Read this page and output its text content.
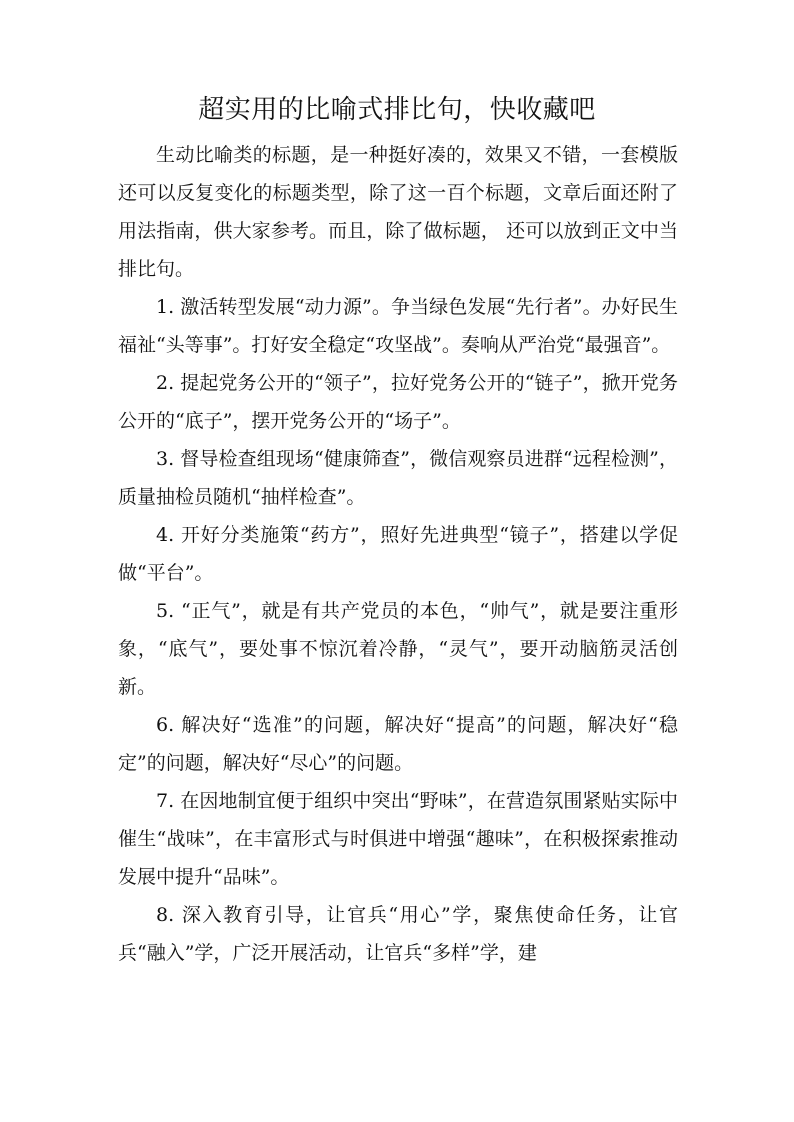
超实用的比喻式排比句，快收藏吧

生动比喻类的标题，是一种挺好凑的，效果又不错，一套模版还可以反复变化的标题类型，除了这一百个标题，文章后面还附了用法指南，供大家参考。而且，除了做标题， 还可以放到正文中当排比句。

1. 激活转型发展“动力源”。争当绿色发展“先行者”。办好民生福祉“头等事”。打好安全稳定“攻坚战”。奏响从严治党“最强音”。

2. 提起党务公开的“领子”，拉好党务公开的“链子”，掀开党务公开的“底子”，摆开党务公开的“场子”。

3. 督导检查组现场“健康筛查”，微信观察员进群“远程检测”，质量抽检员随机“抽样检查”。

4. 开好分类施策“药方”，照好先进典型“镜子”，搭建以学促做“平台”。

5. “正气”，就是有共产党员的本色，“帅气”，就是要注重形象，“底气”，要处事不惊沉着冷静，“灵气”，要开动脑筋灵活创新。

6. 解决好“选准”的问题，解决好“提高”的问题，解决好“稳定”的问题，解决好“尽心”的问题。

7. 在因地制宜便于组织中突出“野味”，在营造氛围紧贴实际中催生“战味”，在丰富形式与时俱进中增强“趣味”，在积极探索推动发展中提升“品味”。

8. 深入教育引导，让官兵“用心”学，聚焦使命任务，让官兵“融入”学，广泛开展活动，让官兵“多样”学，建
